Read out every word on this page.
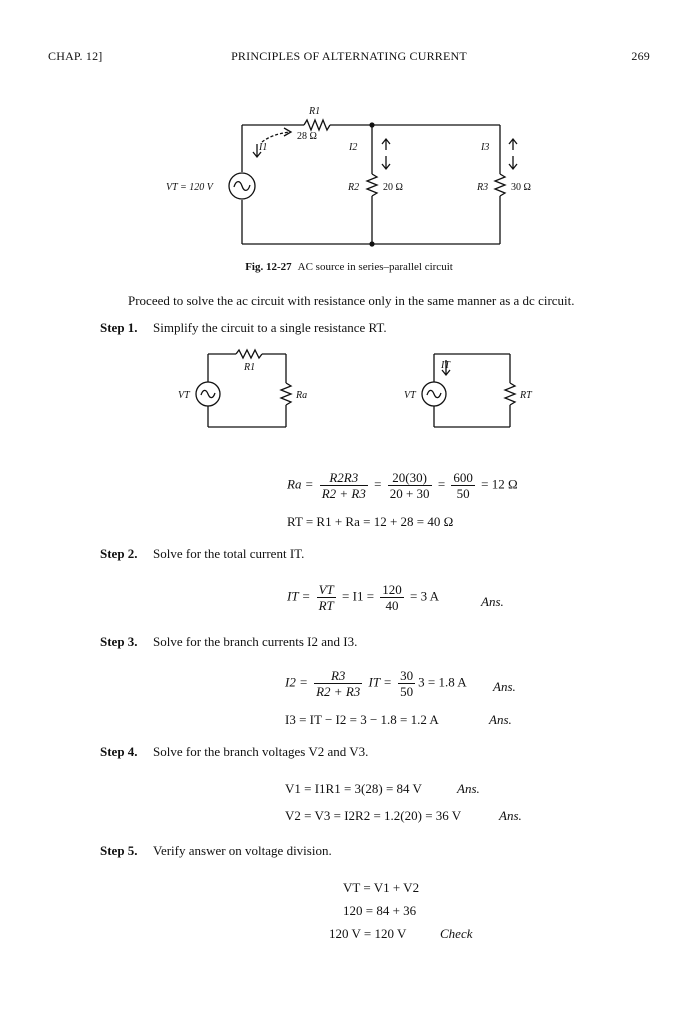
CHAP. 12]	PRINCIPLES OF ALTERNATING CURRENT	269
R1
28 Ω
I1	I2	I3
VT = 120 V	R2 20 Ω	R3 30 Ω
Fig. 12-27 AC source in series–parallel circuit
Proceed to solve the ac circuit with resistance only in the same manner as a dc circuit.
Step 1. Simplify the circuit to a single resistance RT.
R1
VT	Ra
IT
VT	RT
$Ra = \frac{R2R3}{R2 + R3} = \frac{20(30)}{20 + 30} = \frac{600}{50} = 12$ Ω
RT = R1 + Ra = 12 + 28 = 40 Ω
Step 2. Solve for the total current IT.
IT = $\frac{VT}{RT} = I1 = \frac{120}{40} = 3$ A	Ans.
Step 3. Solve for the branch currents I2 and I3.
$I2 = \frac{R3}{R2 + R3}$ IT = $\frac{30}{50} 3 = 1.8$ A Ans.
I3 = IT − I2 = 3 − 1.8 = 1.2 A	Ans.
Step 4. Solve for the branch voltages V2 and V3.
V1 = I1R1 = 3(28) = 84 V	Ans.
V2 = V3 = I2R2 = 1.2(20) = 36 V	Ans.
Step 5. Verify answer on voltage division.
VT = V1 + V2
120 = 84 + 36
120 V = 120 V	Check
